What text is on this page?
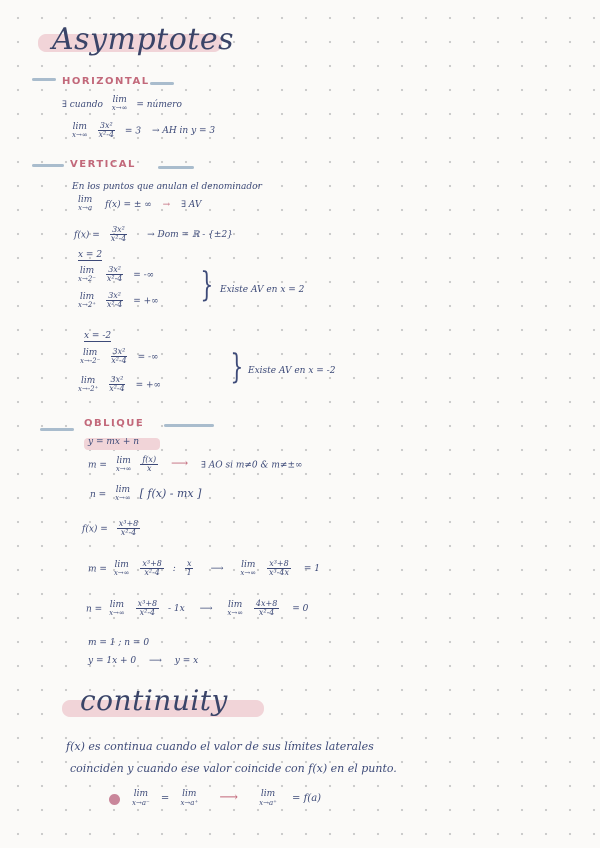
Asymptotes
HORIZONTAL
∃ cuando lim
x→∞ = número
lim
x→∞
$\frac{\text{3x²}}{\text{x²-4}} = 3$ → AH in y = 3
VERTICAL
En los puntos que anulan el denominador
lim
x→a f(x) = ± ∞ → ∃ AV
$f(x) = \frac{\text{3x²}}{\text{x²-4}}$ → Dom = ℝ - {±2}
x = 2
lim
x→2⁻
$\frac{\text{3x²}}{\text{x²-4}}$ = -∞
lim
x→2⁺
$\frac{\text{3x²}}{\text{x²-4}}$ = +∞ } Existe AV en x = 2
x = -2
lim
x→-2⁻
$\frac{\text{3x²}}{\text{x²-4}}$ = -∞
lim
x→-2⁺
$\frac{\text{3x²}}{\text{x²-4}}$ = +∞ } Existe AV en x = -2
OBLIQUE
y = mx + n
m = lim
x→∞
$\frac{f(x)}{x}$ ⟶ ∃ AO si m≠0 & m≠±∞
n = lim
x→∞ [ f(x) - mx ]
$f(x) = \frac{\text{x³+8}}{\text{x²-4}}$
m = lim
x→∞
$\frac{\text{x³+8}}{\text{x²-4}}$ : $\frac{x}{1}$ ⟶ lim
x→∞
$\frac{\text{x³+8}}{\text{x³-4x}} = 1$
n = lim
x→∞
$\frac{\text{x³+8}}{\text{x²-4}} - 1x$ ⟶ lim
x→∞
$\frac{4x+8}{\text{x²-4}} = 0$
m = 1 ; n = 0
y = 1x + 0 ⟶ y = x
continuity
f(x) es continua cuando el valor de sus límites laterales
coinciden y cuando ese valor coincide con f(x) en el punto.
lim
x→a⁻ = lim
x→a⁺ ⟶	lim
x→a⁺ = f(a)
